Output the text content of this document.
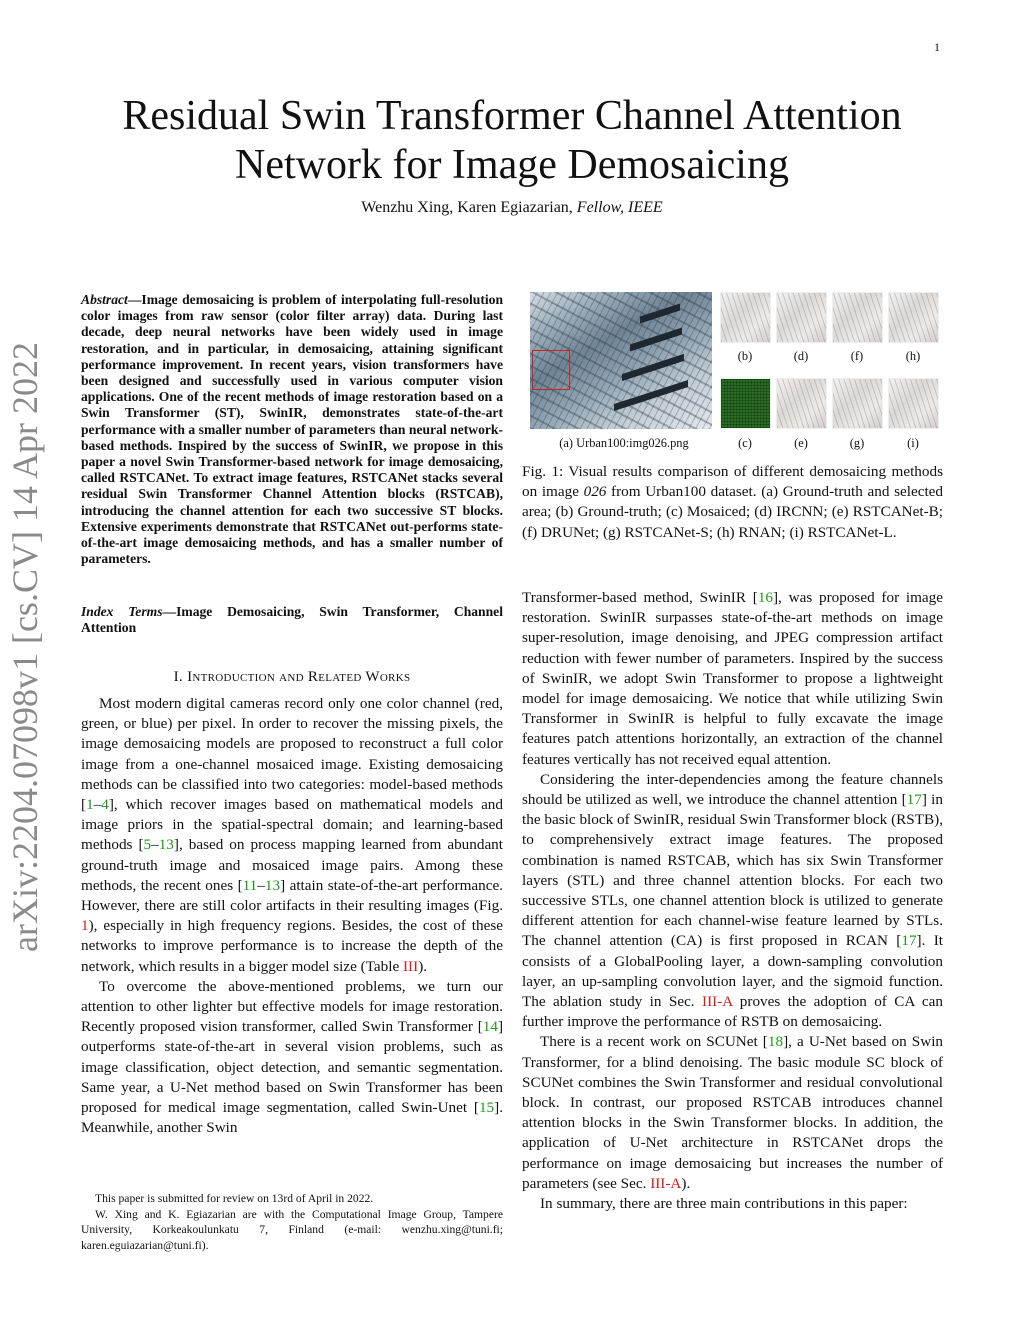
1
arXiv:2204.07098v1 [cs.CV] 14 Apr 2022
Residual Swin Transformer Channel Attention
Network for Image Demosaicing
Wenzhu Xing, Karen Egiazarian, Fellow, IEEE

Abstract—Image demosaicing is problem of interpolating full-resolution color images from raw sensor (color filter array) data. During last decade, deep neural networks have been widely used in image restoration, and in particular, in demosaicing, attaining significant performance improvement. In recent years, vision transformers have been designed and successfully used in various computer vision applications. One of the recent methods of image restoration based on a Swin Transformer (ST), SwinIR, demonstrates state-of-the-art performance with a smaller number of parameters than neural network-based methods. Inspired by the success of SwinIR, we propose in this paper a novel Swin Transformer-based network for image demosaicing, called RSTCANet. To extract image features, RSTCANet stacks several residual Swin Transformer Channel Attention blocks (RSTCAB), introducing the channel attention for each two successive ST blocks. Extensive experiments demonstrate that RSTCANet out-performs state-of-the-art image demosaicing methods, and has a smaller number of parameters.

Index Terms—Image Demosaicing, Swin Transformer, Channel Attention

I. Introduction and Related Works

Most modern digital cameras record only one color channel (red, green, or blue) per pixel. In order to recover the missing pixels, the image demosaicing models are proposed to reconstruct a full color image from a one-channel mosaiced image. Existing demosaicing methods can be classified into two categories: model-based methods [1–4], which recover images based on mathematical models and image priors in the spatial-spectral domain; and learning-based methods [5–13], based on process mapping learned from abundant ground-truth image and mosaiced image pairs. Among these methods, the recent ones [11–13] attain state-of-the-art performance. However, there are still color artifacts in their resulting images (Fig. 1), especially in high frequency regions. Besides, the cost of these networks to improve performance is to increase the depth of the network, which results in a bigger model size (Table III).

To overcome the above-mentioned problems, we turn our attention to other lighter but effective models for image restoration. Recently proposed vision transformer, called Swin Transformer [14] outperforms state-of-the-art in several vision problems, such as image classification, object detection, and semantic segmentation. Same year, a U-Net method based on Swin Transformer has been proposed for medical image segmentation, called Swin-Unet [15]. Meanwhile, another Swin

This paper is submitted for review on 13rd of April in 2022.

W. Xing and K. Egiazarian are with the Computational Image Group, Tampere University, Korkeakoulunkatu 7, Finland (e-mail: wenzhu.xing@tuni.fi; karen.eguiazarian@tuni.fi).

(a) Urban100:img026.png
(b)	(d)	(f)	(h)
(c)	(e)	(g)	(i)

Fig. 1: Visual results comparison of different demosaicing methods on image 026 from Urban100 dataset. (a) Ground-truth and selected area; (b) Ground-truth; (c) Mosaiced; (d) IRCNN; (e) RSTCANet-B; (f) DRUNet; (g) RSTCANet-S; (h) RNAN; (i) RSTCANet-L.

Transformer-based method, SwinIR [16], was proposed for image restoration. SwinIR surpasses state-of-the-art methods on image super-resolution, image denoising, and JPEG compression artifact reduction with fewer number of parameters. Inspired by the success of SwinIR, we adopt Swin Transformer to propose a lightweight model for image demosaicing. We notice that while utilizing Swin Transformer in SwinIR is helpful to fully excavate the image features patch attentions horizontally, an extraction of the channel features vertically has not received equal attention.

Considering the inter-dependencies among the feature channels should be utilized as well, we introduce the channel attention [17] in the basic block of SwinIR, residual Swin Transformer block (RSTB), to comprehensively extract image features. The proposed combination is named RSTCAB, which has six Swin Transformer layers (STL) and three channel attention blocks. For each two successive STLs, one channel attention block is utilized to generate different attention for each channel-wise feature learned by STLs. The channel attention (CA) is first proposed in RCAN [17]. It consists of a GlobalPooling layer, a down-sampling convolution layer, an up-sampling convolution layer, and the sigmoid function. The ablation study in Sec. III-A proves the adoption of CA can further improve the performance of RSTB on demosaicing.

There is a recent work on SCUNet [18], a U-Net based on Swin Transformer, for a blind denoising. The basic module SC block of SCUNet combines the Swin Transformer and residual convolutional block. In contrast, our proposed RSTCAB introduces channel attention blocks in the Swin Transformer blocks. In addition, the application of U-Net architecture in RSTCANet drops the performance on image demosaicing but increases the number of parameters (see Sec. III-A).

In summary, there are three main contributions in this paper:
